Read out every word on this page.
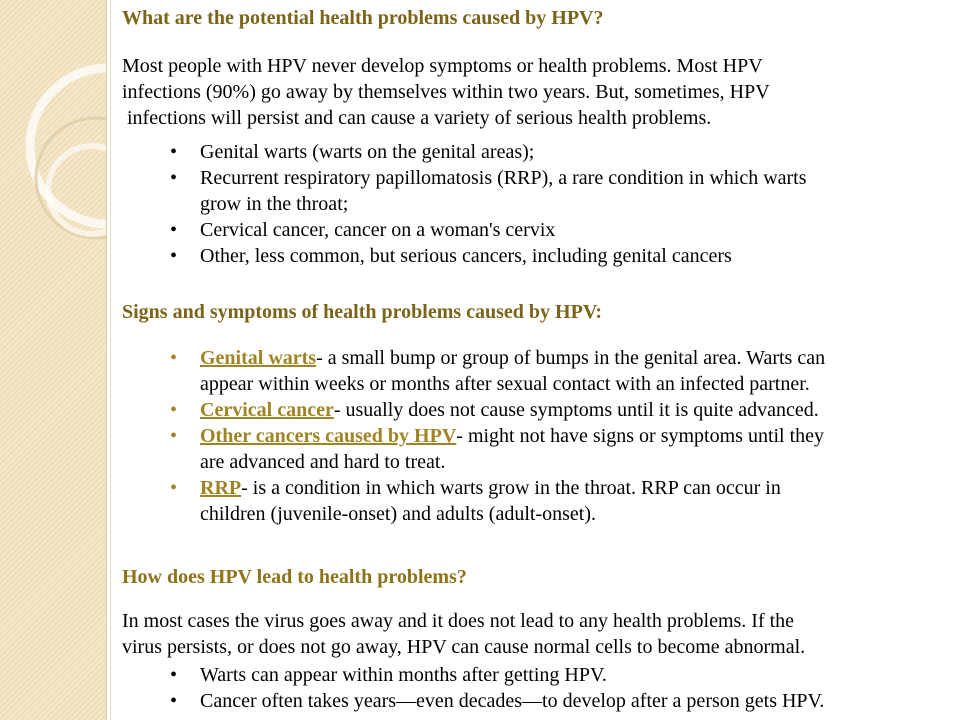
What are the potential health problems caused by HPV?
Most people with HPV never develop symptoms or health problems. Most HPV
infections (90%) go away by themselves within two years. But, sometimes, HPV
infections will persist and can cause a variety of serious health problems.
• Genital warts (warts on the genital areas);
• Recurrent respiratory papillomatosis (RRP), a rare condition in which warts
grow in the throat;
• Cervical cancer, cancer on a woman's cervix
• Other, less common, but serious cancers, including genital cancers
Signs and symptoms of health problems caused by HPV:
• Genital warts- a small bump or group of bumps in the genital area. Warts can
appear within weeks or months after sexual contact with an infected partner.
• Cervical cancer- usually does not cause symptoms until it is quite advanced.
• Other cancers caused by HPV- might not have signs or symptoms until they
are advanced and hard to treat.
• RRP- is a condition in which warts grow in the throat. RRP can occur in
children (juvenile-onset) and adults (adult-onset).
How does HPV lead to health problems?
In most cases the virus goes away and it does not lead to any health problems. If the
virus persists, or does not go away, HPV can cause normal cells to become abnormal.
• Warts can appear within months after getting HPV.
• Cancer often takes years—even decades—to develop after a person gets HPV.
